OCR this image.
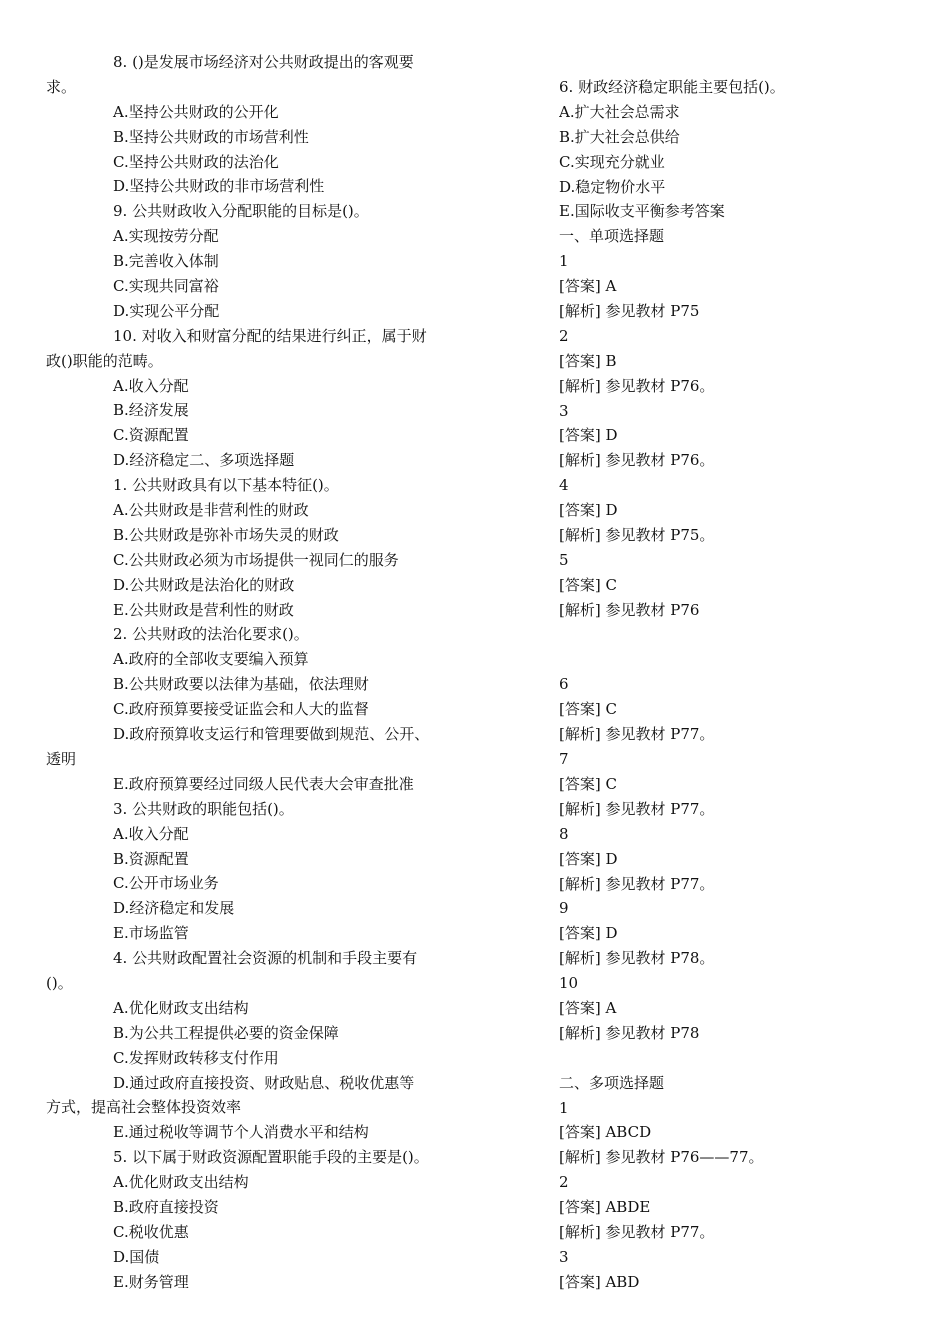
8. ()是发展市场经济对公共财政提出的客观要
求。
A.坚持公共财政的公开化
B.坚持公共财政的市场营利性
C.坚持公共财政的法治化
D.坚持公共财政的非市场营利性
9. 公共财政收入分配职能的目标是()。
A.实现按劳分配
B.完善收入体制
C.实现共同富裕
D.实现公平分配
10. 对收入和财富分配的结果进行纠正，属于财
政()职能的范畴。
A.收入分配
B.经济发展
C.资源配置
D.经济稳定二、多项选择题
1. 公共财政具有以下基本特征()。
A.公共财政是非营利性的财政
B.公共财政是弥补市场失灵的财政
C.公共财政必须为市场提供一视同仁的服务
D.公共财政是法治化的财政
E.公共财政是营利性的财政
2. 公共财政的法治化要求()。
A.政府的全部收支要编入预算
B.公共财政要以法律为基础，依法理财
C.政府预算要接受证监会和人大的监督
D.政府预算收支运行和管理要做到规范、公开、
透明
E.政府预算要经过同级人民代表大会审查批准
3. 公共财政的职能包括()。
A.收入分配
B.资源配置
C.公开市场业务
D.经济稳定和发展
E.市场监管
4. 公共财政配置社会资源的机制和手段主要有
()。
A.优化财政支出结构
B.为公共工程提供必要的资金保障
C.发挥财政转移支付作用
D.通过政府直接投资、财政贴息、税收优惠等
方式，提高社会整体投资效率
E.通过税收等调节个人消费水平和结构
5. 以下属于财政资源配置职能手段的主要是()。
A.优化财政支出结构
B.政府直接投资
C.税收优惠
D.国债
E.财务管理
6. 财政经济稳定职能主要包括()。
A.扩大社会总需求
B.扩大社会总供给
C.实现充分就业
D.稳定物价水平
E.国际收支平衡参考答案
一、单项选择题
1
[答案] A
[解析] 参见教材 P75
2
[答案] B
[解析] 参见教材 P76。
3
[答案] D
[解析] 参见教材 P76。
4
[答案] D
[解析] 参见教材 P75。
5
[答案] C
[解析] 参见教材 P76
6
[答案] C
[解析] 参见教材 P77。
7
[答案] C
[解析] 参见教材 P77。
8
[答案] D
[解析] 参见教材 P77。
9
[答案] D
[解析] 参见教材 P78。
10
[答案] A
[解析] 参见教材 P78
二、多项选择题
1
[答案] ABCD
[解析] 参见教材 P76——77。
2
[答案] ABDE
[解析] 参见教材 P77。
3
[答案] ABD
